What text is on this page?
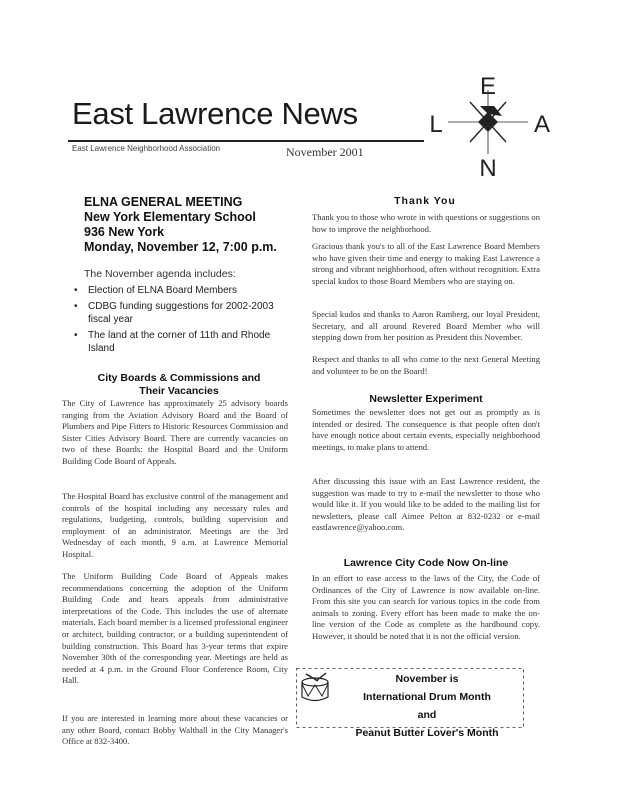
East Lawrence News
East Lawrence Neighborhood Association	November 2001
E
L	A
N
ELNA GENERAL MEETING
New York Elementary School
936 New York
Monday, November 12, 7:00 p.m.
The November agenda includes:
• Election of ELNA Board Members
• CDBG funding suggestions for 2002-2003 fiscal year
• The land at the corner of 11th and Rhode Island
City Boards & Commissions and Their Vacancies
The City of Lawrence has approximately 25 advisory boards ranging from the Aviation Advisory Board and the Board of Plumbers and Pipe Fitters to Historic Resources Commission and Sister Cities Advisory Board. There are currently vacancies on two of these Boards: the Hospital Board and the Uniform Building Code Board of Appeals.
The Hospital Board has exclusive control of the management and controls of the hospital including any necessary rules and regulations, budgeting, controls, building supervision and employment of an administrator. Meetings are the 3rd Wednesday of each month, 9 a.m. at Lawrence Memorial Hospital.
The Uniform Building Code Board of Appeals makes recommendations concerning the adoption of the Uniform Building Code and hears appeals from administrative interpretations of the Code. This includes the use of alternate materials. Each board member is a licensed professional engineer or architect, building contractor, or a building superintendent of building construction. This Board has 3-year terms that expire November 30th of the corresponding year. Meetings are held as needed at 4 p.m. in the Ground Floor Conference Room, City Hall.
If you are interested in learning more about these vacancies or any other Board, contact Bobby Walthall in the City Manager's Office at 832-3400.
Thank You
Thank you to those who wrote in with questions or suggestions on how to improve the neighborhood.
Gracious thank you's to all of the East Lawrence Board Members who have given their time and energy to making East Lawrence a strong and vibrant neighborhood, often without recognition. Extra special kudos to those Board Members who are staying on.
Special kudos and thanks to Aaron Ramberg, our loyal President, Secretary, and all around Revered Board Member who will stepping down from her position as President this November.
Respect and thanks to all who come to the next General Meeting and volunteer to be on the Board!
Newsletter Experiment
Sometimes the newsletter does not get out as promptly as is intended or desired. The consequence is that people often don't have enough notice about certain events, especially neighborhood meetings, to make plans to attend.
After discussing this issue with an East Lawrence resident, the suggestion was made to try to e-mail the newsletter to those who would like it. If you would like to be added to the mailing list for newsletters, please call Aimee Pelton at 832-0232 or e-mail eastlawrence@yahoo.com.
Lawrence City Code Now On-line
In an effort to ease access to the laws of the City, the Code of Ordinances of the City of Lawrence is now available on-line. From this site you can search for various topics in the code from animals to zoning. Every effort has been made to make the on-line version of the Code as complete as the hardbound copy. However, it should be noted that it is not the official version.
November is
International Drum Month
and
Peanut Butter Lover's Month
